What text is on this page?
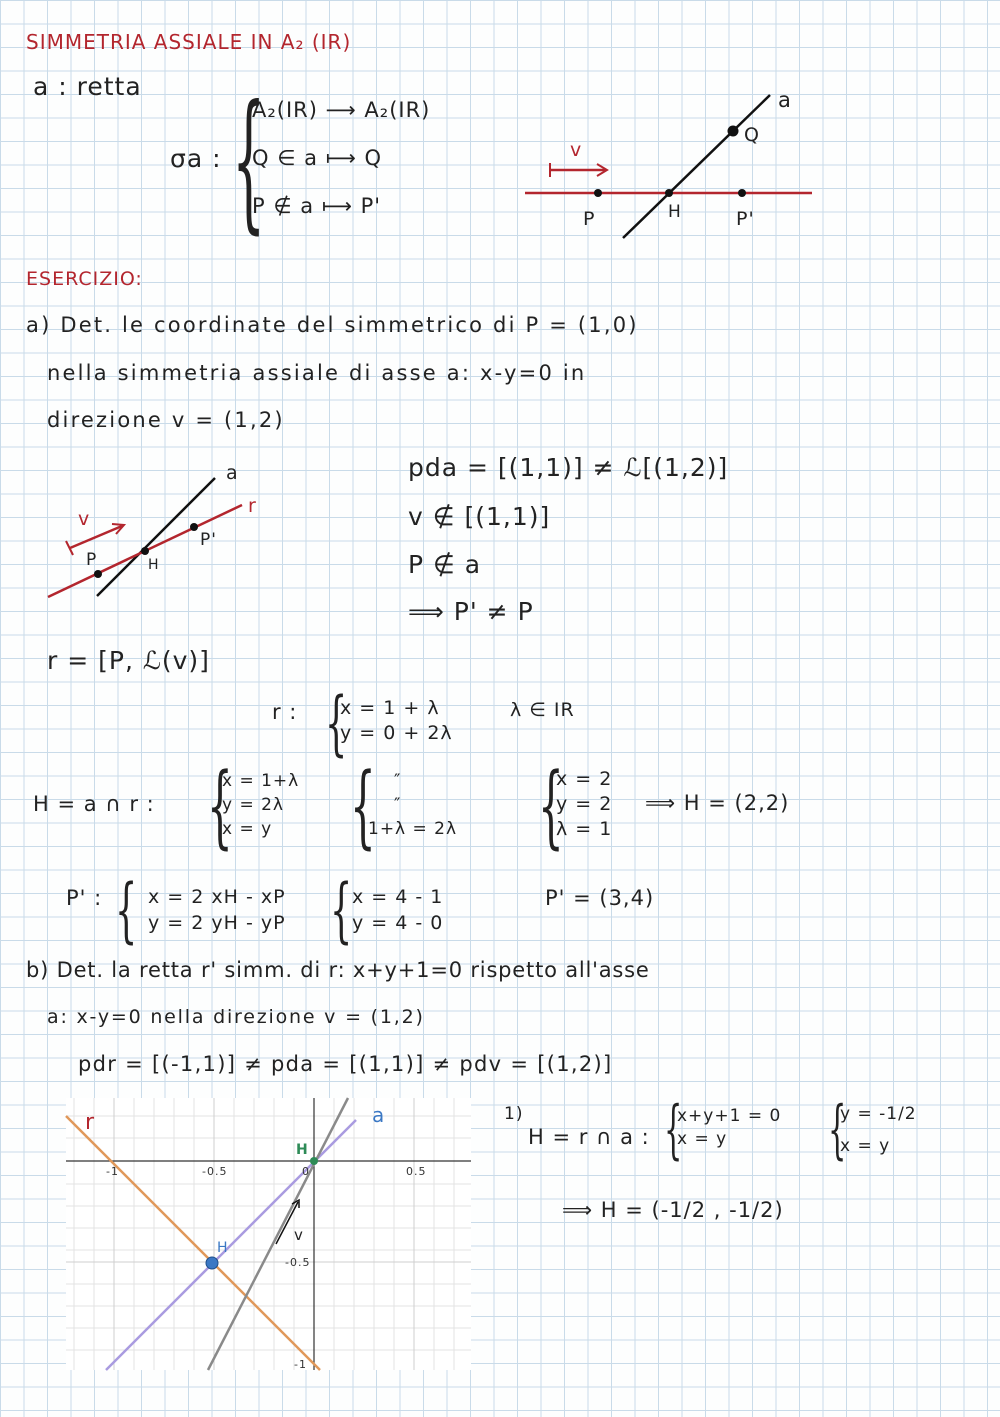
SIMMETRIA ASSIALE IN A₂ (IR)
a : retta
σa : {
A₂(IR) ⟶ A₂(IR)
Q ∈ a ⟼ Q
P ∉ a ⟼ P'
a
Q
v
P	H	P'
ESERCIZIO:
a) Det. le coordinate del simmetrico di P = (1,0)
nella simmetria assiale di asse a: x-y=0 in
direzione v = (1,2)
a
r
v
P	H
P'
pda = [(1,1)] ≠ ℒ[(1,2)]
v ∉ [(1,1)]
P ∉ a
⟹ P' ≠ P
r = [P, ℒ(v)]
r : {
x = 1 + λ
y = 0 + 2λ
λ ∈ IR
H = a ∩ r : {
x = 1+λ
y = 2λ
x = y { ″
″
1+λ = 2λ {
x = 2
y = 2
λ = 1
⟹ H = (2,2)
P' : { x = 2 xH - xP
y = 2 yH - yP { x = 4 - 1
y = 4 - 0
P' = (3,4)
b) Det. la retta r' simm. di r: x+y+1=0 rispetto all'asse
a: x-y=0 nella direzione v = (1,2)
pdr = [(-1,1)] ≠ pda = [(1,1)] ≠ pdv = [(1,2)]
r	a
H
H
v
-1	-0.5	0	0.5
-0.5
-1
1)
H = r ∩ a : {
x+y+1 = 0
x = y {
y = -1/2
x = y
⟹ H = (-1/2 , -1/2)
